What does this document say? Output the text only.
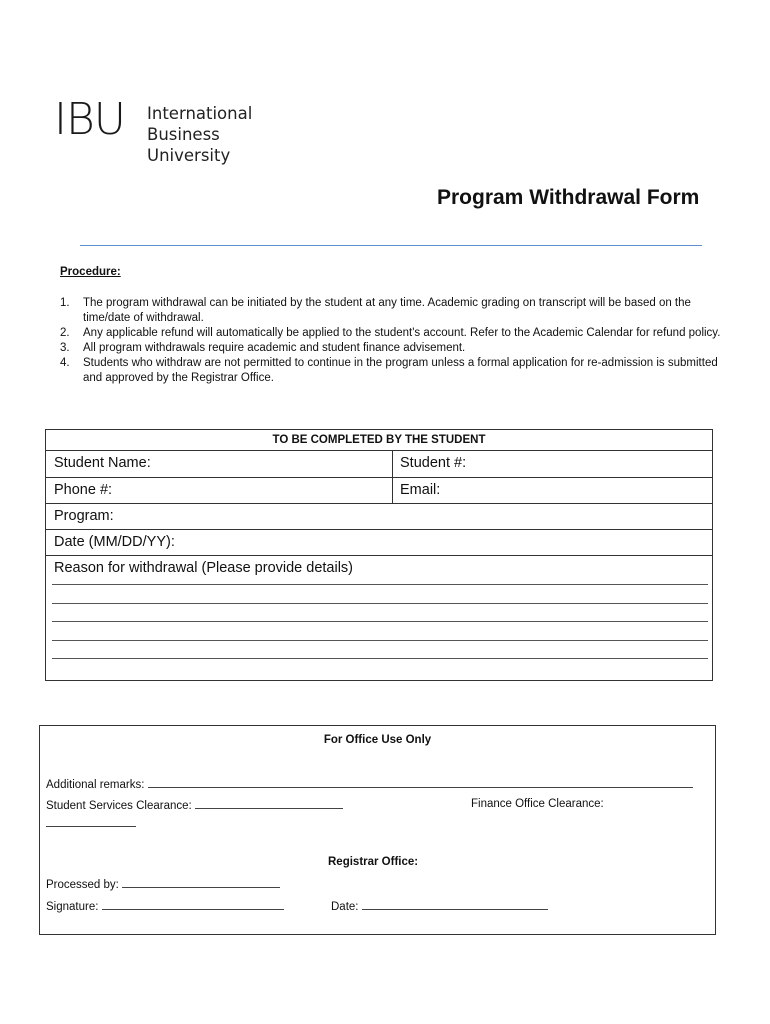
IBU International
Business
University
Program Withdrawal Form
Procedure:
1. The program withdrawal can be initiated by the student at any time. Academic grading on transcript will be based on the time/date of withdrawal.
2. Any applicable refund will automatically be applied to the student's account. Refer to the Academic Calendar for refund policy.
3. All program withdrawals require academic and student finance advisement.
4. Students who withdraw are not permitted to continue in the program unless a formal application for re-admission is submitted and approved by the Registrar Office.
TO BE COMPLETED BY THE STUDENT
Student Name:	Student #:
Phone #:	Email:
Program:
Date (MM/DD/YY):
Reason for withdrawal (Please provide details)
For Office Use Only
Additional remarks:
Student Services Clearance:	Finance Office Clearance:
Registrar Office:
Processed by:
Signature:	Date:
